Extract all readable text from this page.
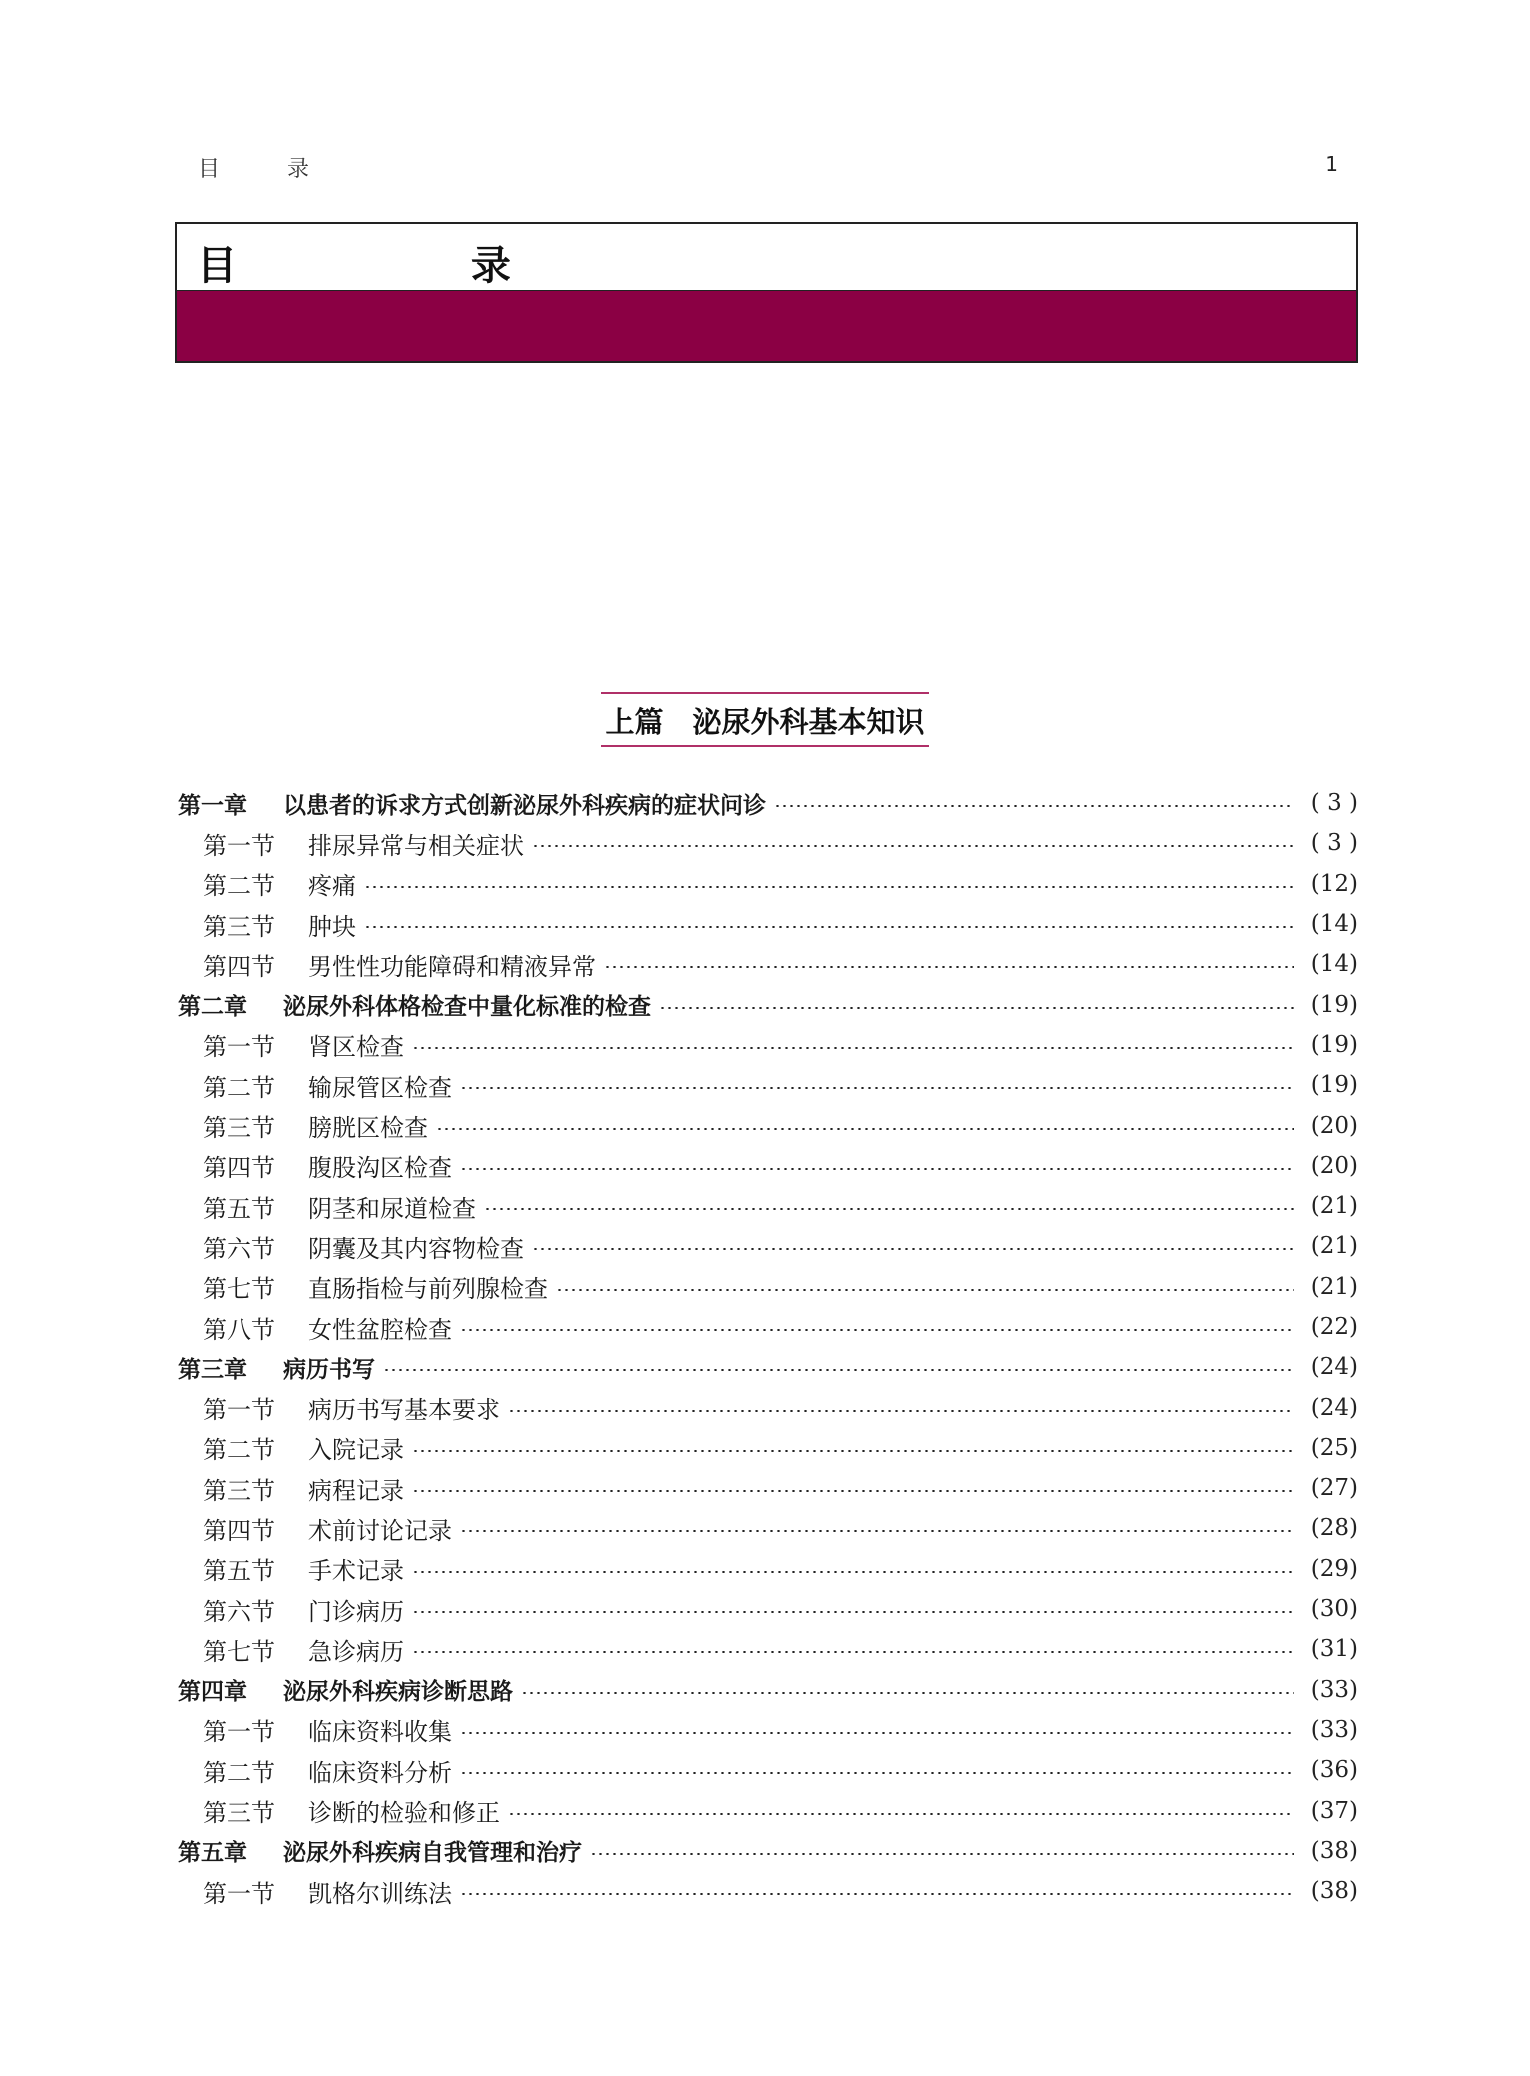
目 录	1
目 录
上篇　泌尿外科基本知识
第一章	以患者的诉求方式创新泌尿外科疾病的症状问诊	( 3 )
第一节	排尿异常与相关症状	( 3 )
第二节	疼痛	(12)
第三节	肿块	(14)
第四节	男性性功能障碍和精液异常	(14)
第二章	泌尿外科体格检查中量化标准的检查	(19)
第一节	肾区检查	(19)
第二节	输尿管区检查	(19)
第三节	膀胱区检查	(20)
第四节	腹股沟区检查	(20)
第五节	阴茎和尿道检查	(21)
第六节	阴囊及其内容物检查	(21)
第七节	直肠指检与前列腺检查	(21)
第八节	女性盆腔检查	(22)
第三章	病历书写	(24)
第一节	病历书写基本要求	(24)
第二节	入院记录	(25)
第三节	病程记录	(27)
第四节	术前讨论记录	(28)
第五节	手术记录	(29)
第六节	门诊病历	(30)
第七节	急诊病历	(31)
第四章	泌尿外科疾病诊断思路	(33)
第一节	临床资料收集	(33)
第二节	临床资料分析	(36)
第三节	诊断的检验和修正	(37)
第五章	泌尿外科疾病自我管理和治疗	(38)
第一节	凯格尔训练法	(38)
